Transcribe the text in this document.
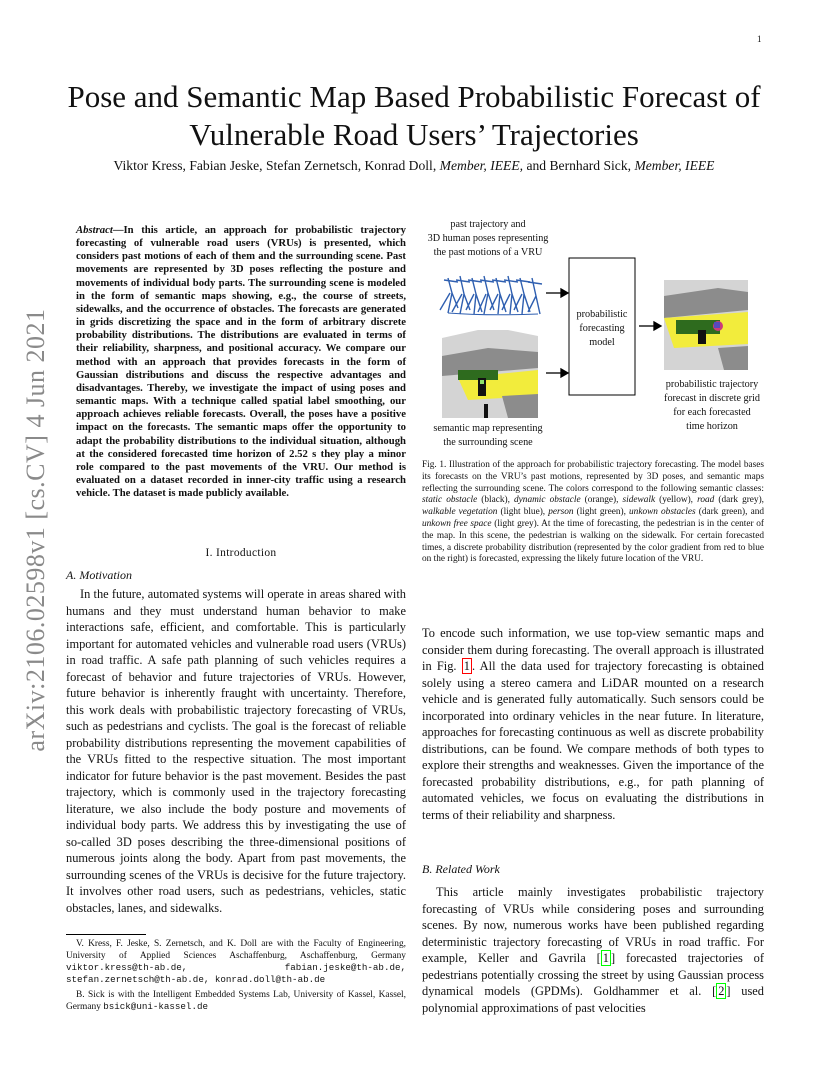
1
arXiv:2106.02598v1 [cs.CV] 4 Jun 2021
Pose and Semantic Map Based Probabilistic Forecast of Vulnerable Road Users’ Trajectories
Viktor Kress, Fabian Jeske, Stefan Zernetsch, Konrad Doll, Member, IEEE, and Bernhard Sick, Member, IEEE

Abstract—In this article, an approach for probabilistic trajectory forecasting of vulnerable road users (VRUs) is presented, which considers past motions of each of them and the surrounding scene. Past movements are represented by 3D poses reflecting the posture and movements of individual body parts. The surrounding scene is modeled in the form of semantic maps showing, e.g., the course of streets, sidewalks, and the occurrence of obstacles. The forecasts are generated in grids discretizing the space and in the form of arbitrary discrete probability distributions. The distributions are evaluated in terms of their reliability, sharpness, and positional accuracy. We compare our method with an approach that provides forecasts in the form of Gaussian distributions and discuss the respective advantages and disadvantages. Thereby, we investigate the impact of using poses and semantic maps. With a technique called spatial label smoothing, our approach achieves reliable forecasts. Overall, the poses have a positive impact on the forecasts. The semantic maps offer the opportunity to adapt the probability distributions to the individual situation, although at the considered forecasted time horizon of 2.52 s they play a minor role compared to the past movements of the VRU. Our method is evaluated on a dataset recorded in inner-city traffic using a research vehicle. The dataset is made publicly available.

I. Introduction
A. Motivation

In the future, automated systems will operate in areas shared with humans and they must understand human behavior to make interactions safe, efficient, and comfortable. This is particularly important for automated vehicles and vulnerable road users (VRUs) in road traffic. A safe path planning of such vehicles requires a forecast of behavior and future trajectories of VRUs. However, future behavior is inherently fraught with uncertainty. Therefore, this work deals with probabilistic trajectory forecasting of VRUs, such as pedestrians and cyclists. The goal is the forecast of reliable probability distributions representing the movement capabilities of the VRUs fitted to the respective situation. The most important indicator for future behavior is the past movement. Besides the past trajectory, which is commonly used in the trajectory forecasting literature, we also include the body posture and movements of individual body parts. We address this by investigating the use of so-called 3D poses describing the three-dimensional positions of numerous joints along the body. Apart from past movements, the surrounding scenes of the VRUs is decisive for the future trajectory. It involves other road users, such as pedestrians, vehicles, static obstacles, lanes, and sidewalks.

V. Kress, F. Jeske, S. Zernetsch, and K. Doll are with the Faculty of Engineering, University of Applied Sciences Aschaffenburg, Aschaffenburg, Germany viktor.kress@th-ab.de, fabian.jeske@th-ab.de, stefan.zernetsch@th-ab.de, konrad.doll@th-ab.de

B. Sick is with the Intelligent Embedded Systems Lab, University of Kassel, Kassel, Germany bsick@uni-kassel.de

past trajectory and
3D human poses representing
the past motions of a VRU
probabilistic
forecasting
model
semantic map representing
the surrounding scene
probabilistic trajectory
forecast in discrete grid
for each forecasted
time horizon

Fig. 1. Illustration of the approach for probabilistic trajectory forecasting. The model bases its forecasts on the VRU’s past motions, represented by 3D poses, and semantic maps reflecting the surrounding scene. The colors correspond to the following semantic classes: static obstacle (black), dynamic obstacle (orange), sidewalk (yellow), road (dark grey), walkable vegetation (light blue), person (light green), unkown obstacles (dark green), and unkown free space (light grey). At the time of forecasting, the pedestrian is in the center of the map. In this scene, the pedestrian is walking on the sidewalk. For certain forecasted times, a discrete probability distribution (represented by the color gradient from red to blue on the right) is forecasted, expressing the likely future location of the VRU.

To encode such information, we use top-view semantic maps and consider them during forecasting. The overall approach is illustrated in Fig. 1 . All the data used for trajectory forecasting is obtained solely using a stereo camera and LiDAR mounted on a research vehicle and is generated fully automatically. Such sensors could be incorporated into ordinary vehicles in the near future. In literature, approaches for forecasting continuous as well as discrete probability distributions, can be found. We compare methods of both types to explore their strengths and weaknesses. Given the importance of the forecasted probability distributions, e.g., for path planning of automated vehicles, we focus on evaluating the distributions in terms of their reliability and sharpness.

B. Related Work

This article mainly investigates probabilistic trajectory forecasting of VRUs while considering poses and surrounding scenes. By now, numerous works have been published regarding deterministic trajectory forecasting of VRUs in road traffic. For example, Keller and Gavrila [ 1 ] forecasted trajectories of pedestrians potentially crossing the street by using Gaussian process dynamical models (GPDMs). Goldhammer et al. [ 2 ] used polynomial approximations of past velocities
